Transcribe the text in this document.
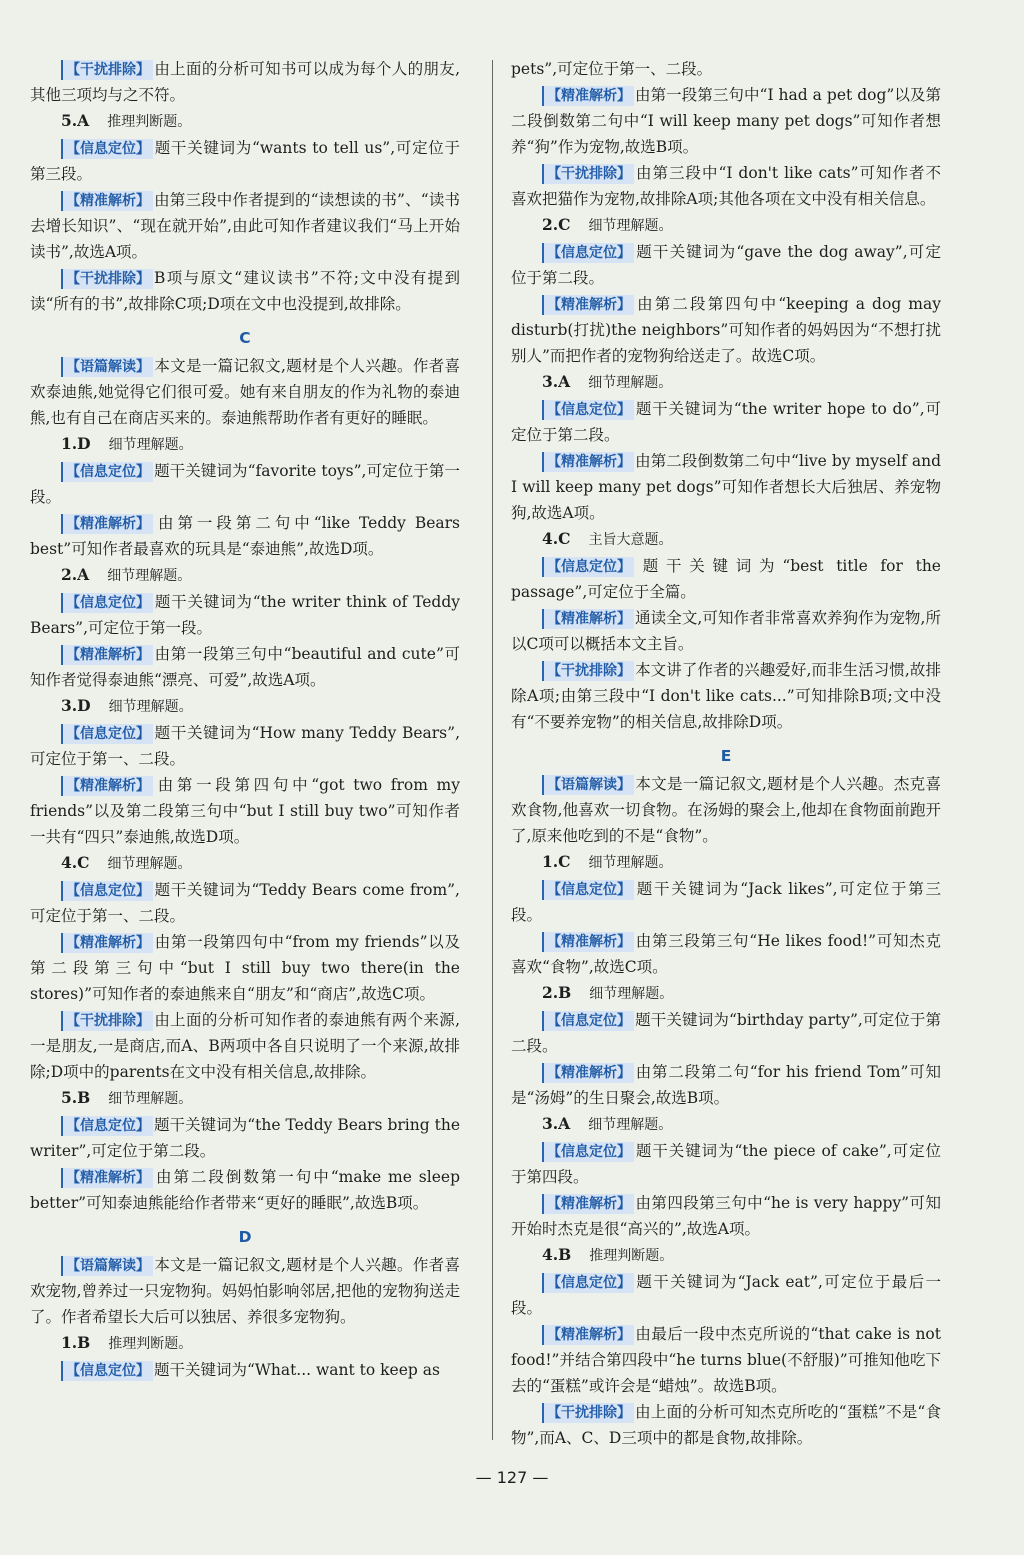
【 干扰排除 】 由上面的分析可知书可以成为每个人的朋友,其他三项均与之不符。

5.A 推理判断题。

【 信息定位 】 题干关键词为“wants to tell us”,可定位于第三段。

【 精准解析 】 由第三段中作者提到的“读想读的书”、“读书去增长知识”、“现在就开始”,由此可知作者建议我们“马上开始读书”,故选A项。

【 干扰排除 】 B项与原文“建议读书”不符;文中没有提到读“所有的书”,故排除C项;D项在文中也没提到,故排除。

C

【 语篇解读 】 本文是一篇记叙文,题材是个人兴趣。作者喜欢泰迪熊,她觉得它们很可爱。她有来自朋友的作为礼物的泰迪熊,也有自己在商店买来的。泰迪熊帮助作者有更好的睡眠。

1.D 细节理解题。

【 信息定位 】 题干关键词为“favorite toys”,可定位于第一段。

【 精准解析 】 由第一段第二句中“like Teddy Bears best”可知作者最喜欢的玩具是“泰迪熊”,故选D项。

2.A 细节理解题。

【 信息定位 】 题干关键词为“the writer think of Teddy Bears”,可定位于第一段。

【 精准解析 】 由第一段第三句中“beautiful and cute”可知作者觉得泰迪熊“漂亮、可爱”,故选A项。

3.D 细节理解题。

【 信息定位 】 题干关键词为“How many Teddy Bears”,可定位于第一、二段。

【 精准解析 】 由第一段第四句中“got two from my friends”以及第二段第三句中“but I still buy two”可知作者一共有“四只”泰迪熊,故选D项。

4.C 细节理解题。

【 信息定位 】 题干关键词为“Teddy Bears come from”,可定位于第一、二段。

【 精准解析 】 由第一段第四句中“from my friends”以及第二段第三句中“but I still buy two there(in the stores)”可知作者的泰迪熊来自“朋友”和“商店”,故选C项。

【 干扰排除 】 由上面的分析可知作者的泰迪熊有两个来源,一是朋友,一是商店,而A、B两项中各自只说明了一个来源,故排除;D项中的parents在文中没有相关信息,故排除。

5.B 细节理解题。

【 信息定位 】 题干关键词为“the Teddy Bears bring the writer”,可定位于第二段。

【 精准解析 】 由第二段倒数第一句中“make me sleep better”可知泰迪熊能给作者带来“更好的睡眠”,故选B项。

D

【 语篇解读 】 本文是一篇记叙文,题材是个人兴趣。作者喜欢宠物,曾养过一只宠物狗。妈妈怕影响邻居,把他的宠物狗送走了。作者希望长大后可以独居、养很多宠物狗。

1.B 推理判断题。

【 信息定位 】 题干关键词为“What... want to keep as

pets”,可定位于第一、二段。

【 精准解析 】 由第一段第三句中“I had a pet dog”以及第二段倒数第二句中“I will keep many pet dogs”可知作者想养“狗”作为宠物,故选B项。

【 干扰排除 】 由第三段中“I don't like cats”可知作者不喜欢把猫作为宠物,故排除A项;其他各项在文中没有相关信息。

2.C 细节理解题。

【 信息定位 】 题干关键词为“gave the dog away”,可定位于第二段。

【 精准解析 】 由第二段第四句中“keeping a dog may disturb(打扰)the neighbors”可知作者的妈妈因为“不想打扰别人”而把作者的宠物狗给送走了。故选C项。

3.A 细节理解题。

【 信息定位 】 题干关键词为“the writer hope to do”,可定位于第二段。

【 精准解析 】 由第二段倒数第二句中“live by myself and I will keep many pet dogs”可知作者想长大后独居、养宠物狗,故选A项。

4.C 主旨大意题。

【 信息定位 】 题干关键词为“best title for the passage”,可定位于全篇。

【 精准解析 】 通读全文,可知作者非常喜欢养狗作为宠物,所以C项可以概括本文主旨。

【 干扰排除 】 本文讲了作者的兴趣爱好,而非生活习惯,故排除A项;由第三段中“I don't like cats...”可知排除B项;文中没有“不要养宠物”的相关信息,故排除D项。

E

【 语篇解读 】 本文是一篇记叙文,题材是个人兴趣。杰克喜欢食物,他喜欢一切食物。在汤姆的聚会上,他却在食物面前跑开了,原来他吃到的不是“食物”。

1.C 细节理解题。

【 信息定位 】 题干关键词为“Jack likes”,可定位于第三段。

【 精准解析 】 由第三段第三句“He likes food!”可知杰克喜欢“食物”,故选C项。

2.B 细节理解题。

【 信息定位 】 题干关键词为“birthday party”,可定位于第二段。

【 精准解析 】 由第二段第二句“for his friend Tom”可知是“汤姆”的生日聚会,故选B项。

3.A 细节理解题。

【 信息定位 】 题干关键词为“the piece of cake”,可定位于第四段。

【 精准解析 】 由第四段第三句中“he is very happy”可知开始时杰克是很“高兴的”,故选A项。

4.B 推理判断题。

【 信息定位 】 题干关键词为“Jack eat”,可定位于最后一段。

【 精准解析 】 由最后一段中杰克所说的“that cake is not food!”并结合第四段中“he turns blue(不舒服)”可推知他吃下去的“蛋糕”或许会是“蜡烛”。故选B项。

【 干扰排除 】 由上面的分析可知杰克所吃的“蛋糕”不是“食物”,而A、C、D三项中的都是食物,故排除。

— 127 —
